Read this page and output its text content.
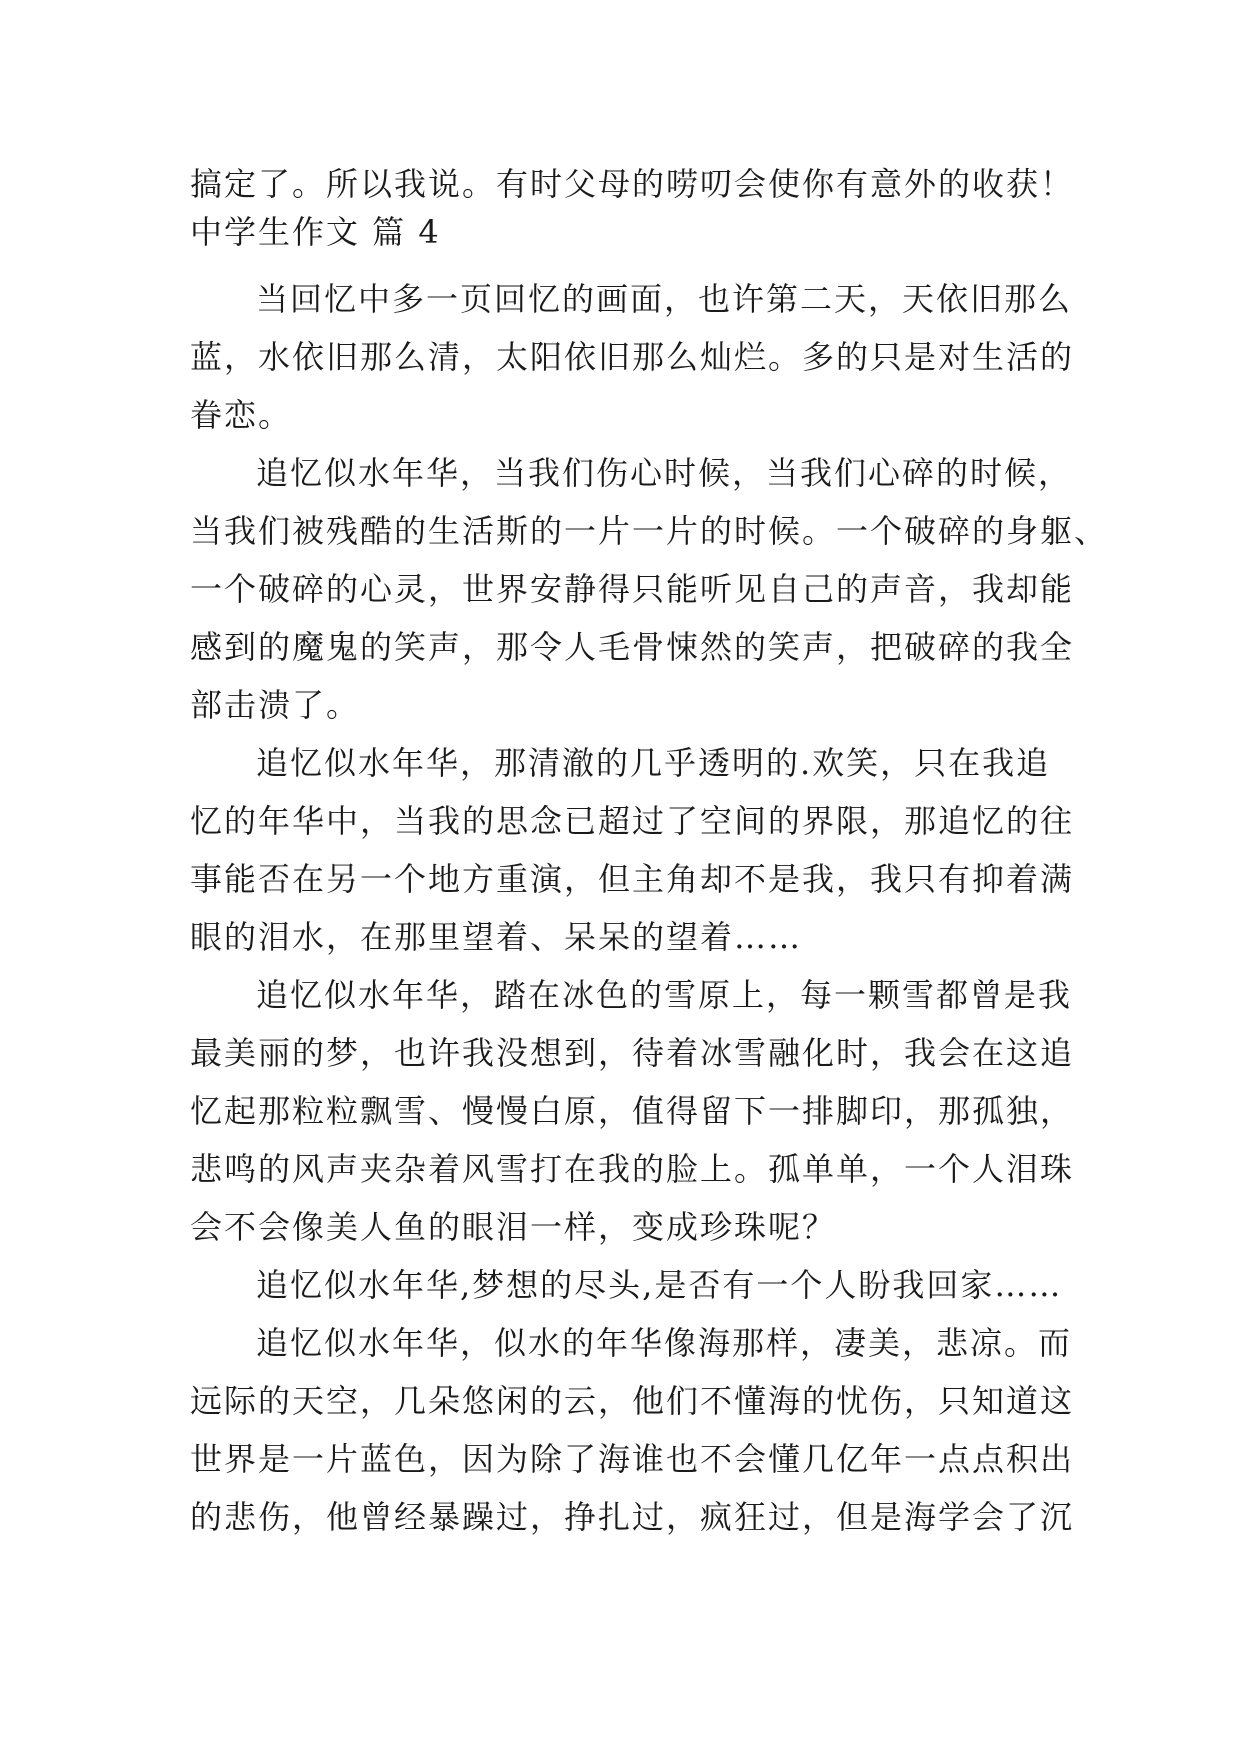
搞定了。所以我说。有时父母的唠叨会使你有意外的收获！
中学生作文 篇 4
当回忆中多一页回忆的画面，也许第二天，天依旧那么
蓝，水依旧那么清，太阳依旧那么灿烂。多的只是对生活的
眷恋。
追忆似水年华，当我们伤心时候，当我们心碎的时候，
当我们被残酷的生活斯的一片一片的时候。一个破碎的身躯、
一个破碎的心灵，世界安静得只能听见自己的声音，我却能
感到的魔鬼的笑声，那令人毛骨悚然的笑声，把破碎的我全
部击溃了。
追忆似水年华，那清澈的几乎透明的.欢笑，只在我追
忆的年华中，当我的思念已超过了空间的界限，那追忆的往
事能否在另一个地方重演，但主角却不是我，我只有抑着满
眼的泪水，在那里望着、呆呆的望着……
追忆似水年华，踏在冰色的雪原上，每一颗雪都曾是我
最美丽的梦，也许我没想到，待着冰雪融化时，我会在这追
忆起那粒粒飘雪、慢慢白原，值得留下一排脚印，那孤独，
悲鸣的风声夹杂着风雪打在我的脸上。孤单单，一个人泪珠
会不会像美人鱼的眼泪一样，变成珍珠呢？
追忆似水年华,梦想的尽头,是否有一个人盼我回家……
追忆似水年华，似水的年华像海那样，凄美，悲凉。而
远际的天空，几朵悠闲的云，他们不懂海的忧伤，只知道这
世界是一片蓝色，因为除了海谁也不会懂几亿年一点点积出
的悲伤，他曾经暴躁过，挣扎过，疯狂过，但是海学会了沉
